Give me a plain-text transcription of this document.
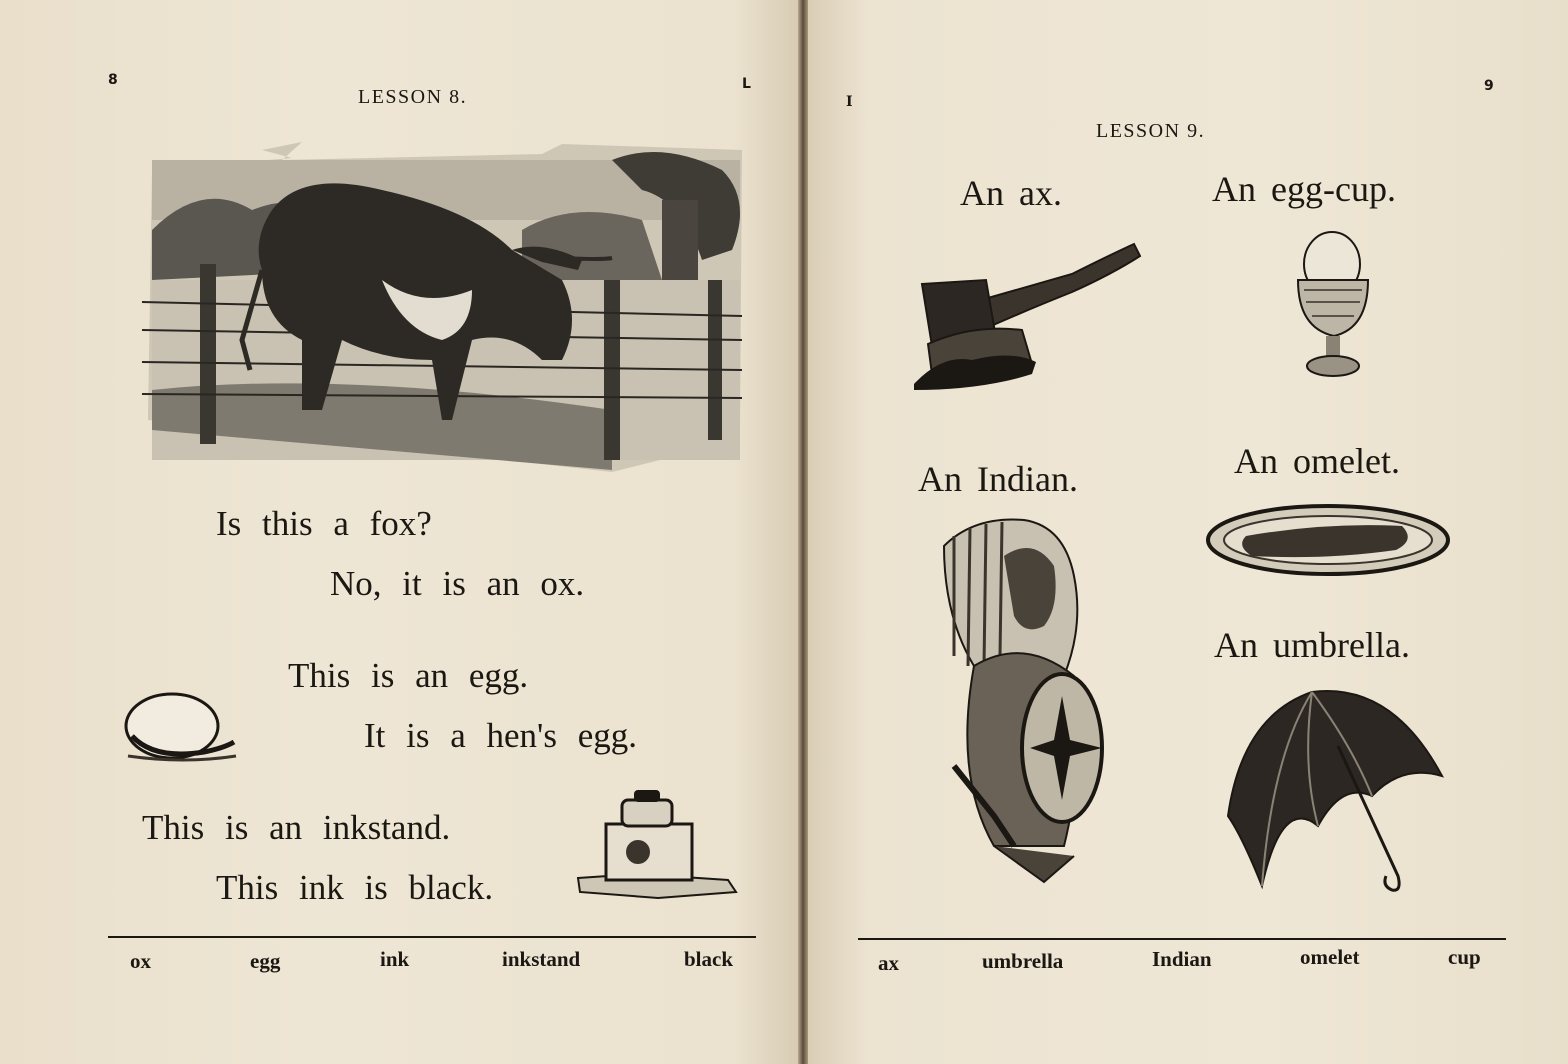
8	L
LESSON 8.
Is this a fox?
No, it is an ox.
This is an egg.
It is a hen's egg.
This is an inkstand.
This ink is black.
ox	egg	ink	inkstand	black
I
9
LESSON 9.
An ax.	An egg-cup.
An Indian.	An omelet.
An umbrella.
ax	umbrella	Indian	omelet	cup
